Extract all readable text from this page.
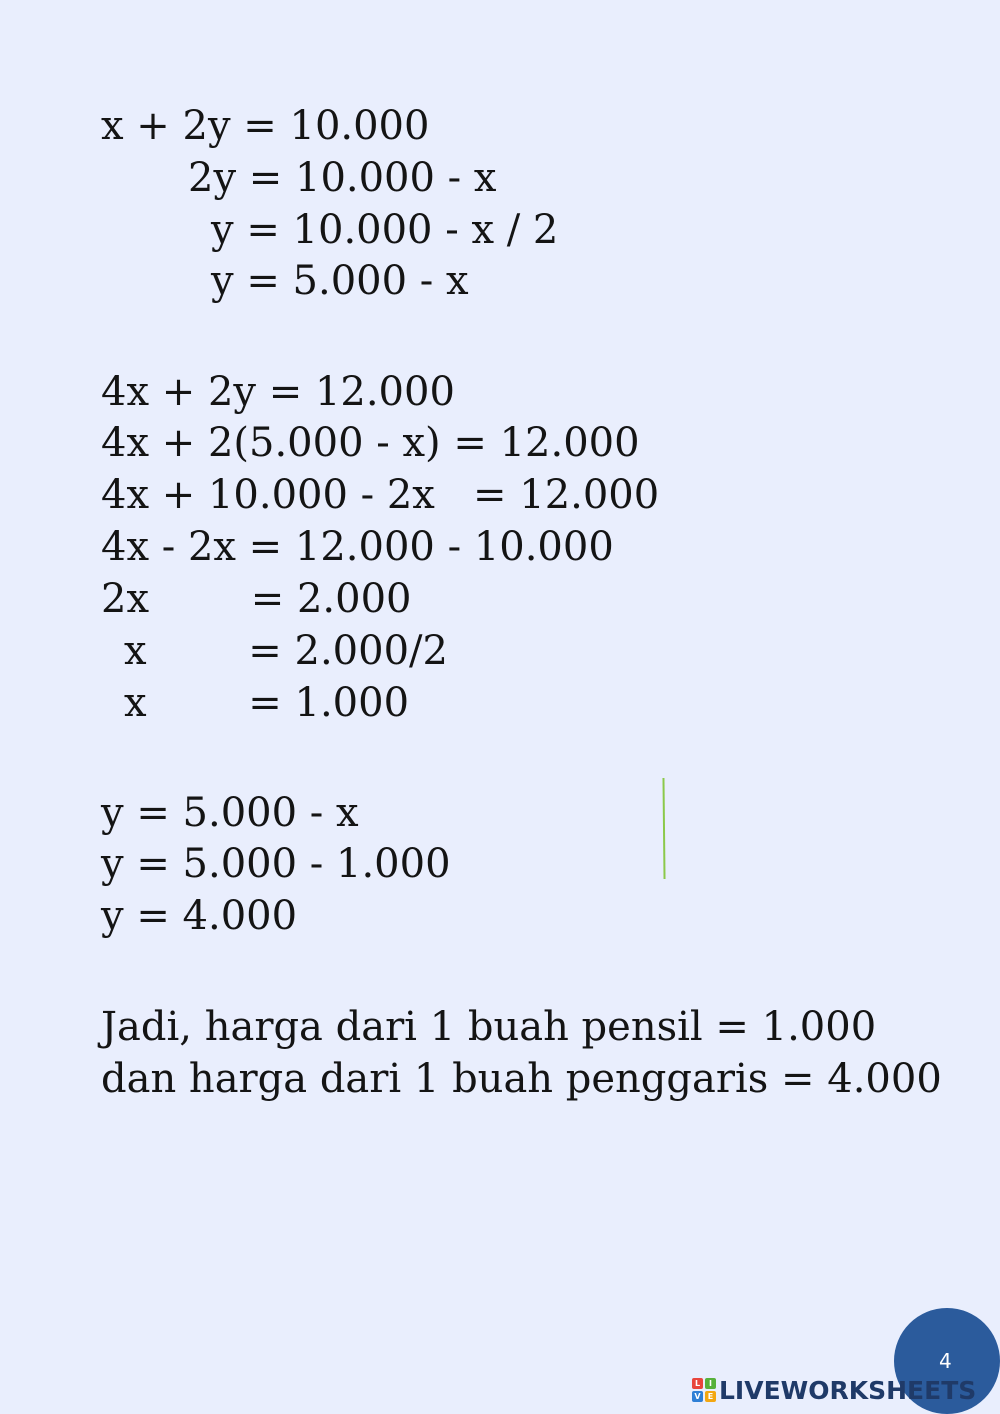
x + 2y = 10.000
2y = 10.000 - x
y = 10.000 - x / 2
y = 5.000 - x
4x + 2y = 12.000
4x + 2(5.000 - x) = 12.000
4x + 10.000 - 2x   = 12.000
4x - 2x = 12.000 - 10.000
2x        = 2.000
x        = 2.000/2
x        = 1.000
y = 5.000 - x
y = 5.000 - 1.000
y = 4.000
Jadi, harga dari 1 buah pensil = 1.000
dan harga dari 1 buah penggaris = 4.000
4
L	I
V E LIVEWORKSHEETS
